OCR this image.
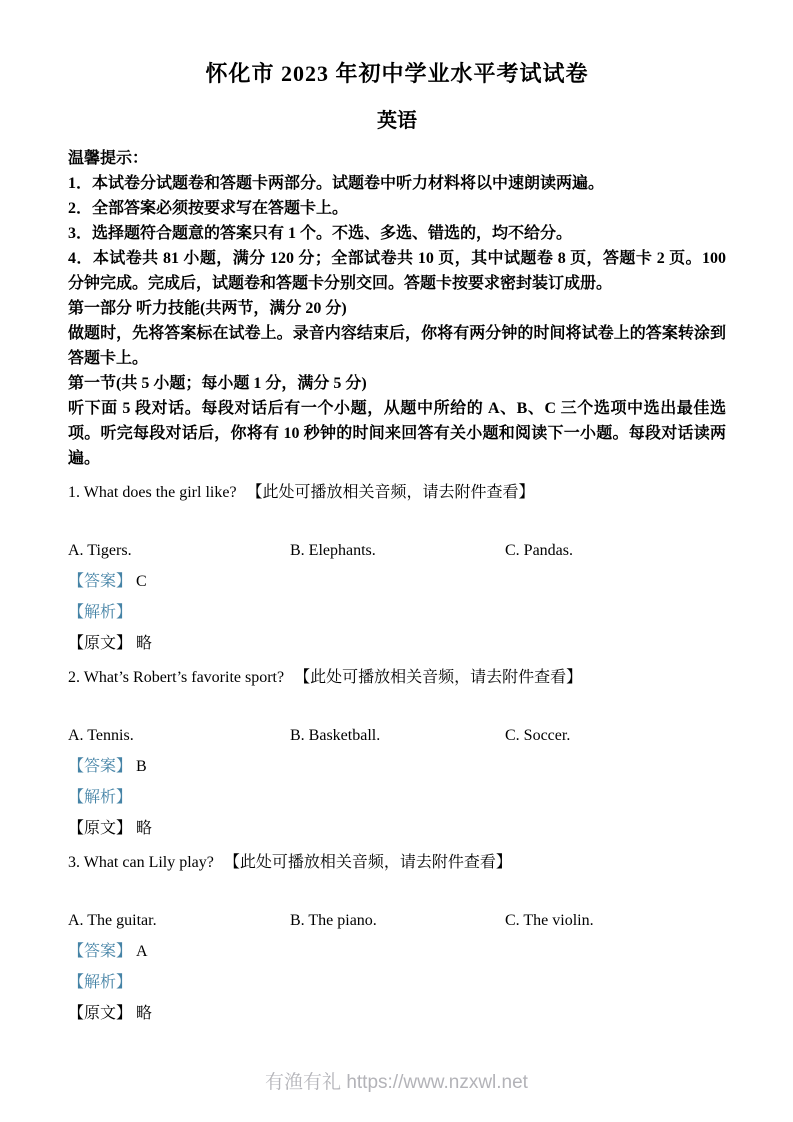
怀化市 2023 年初中学业水平考试试卷
英语

温馨提示：

1．本试卷分试题卷和答题卡两部分。试题卷中听力材料将以中速朗读两遍。

2．全部答案必须按要求写在答题卡上。

3．选择题符合题意的答案只有 1 个。不选、多选、错选的，均不给分。

4．本试卷共 81 小题，满分 120 分；全部试卷共 10 页，其中试题卷 8 页，答题卡 2 页。100 分钟完成。完成后，试题卷和答题卡分别交回。答题卡按要求密封装订成册。

第一部分 听力技能(共两节，满分 20 分)

做题时，先将答案标在试卷上。录音内容结束后，你将有两分钟的时间将试卷上的答案转涂到答题卡上。

第一节(共 5 小题；每小题 1 分，满分 5 分)

听下面 5 段对话。每段对话后有一个小题，从题中所给的 A、B、C 三个选项中选出最佳选项。听完每段对话后，你将有 10 秒钟的时间来回答有关小题和阅读下一小题。每段对话读两遍。

1. What does the girl like? 【此处可播放相关音频，请去附件查看】

A. Tigers.	B. Elephants.	C. Pandas.

【答案】 C

【解析】

【原文】 略

2. What’s Robert’s favorite sport? 【此处可播放相关音频，请去附件查看】

A. Tennis.	B. Basketball.	C. Soccer.

【答案】 B

【解析】

【原文】 略

3. What can Lily play? 【此处可播放相关音频，请去附件查看】

A. The guitar.	B. The piano.	C. The violin.

【答案】 A

【解析】

【原文】 略

有渔有礼 https://www.nzxwl.net
